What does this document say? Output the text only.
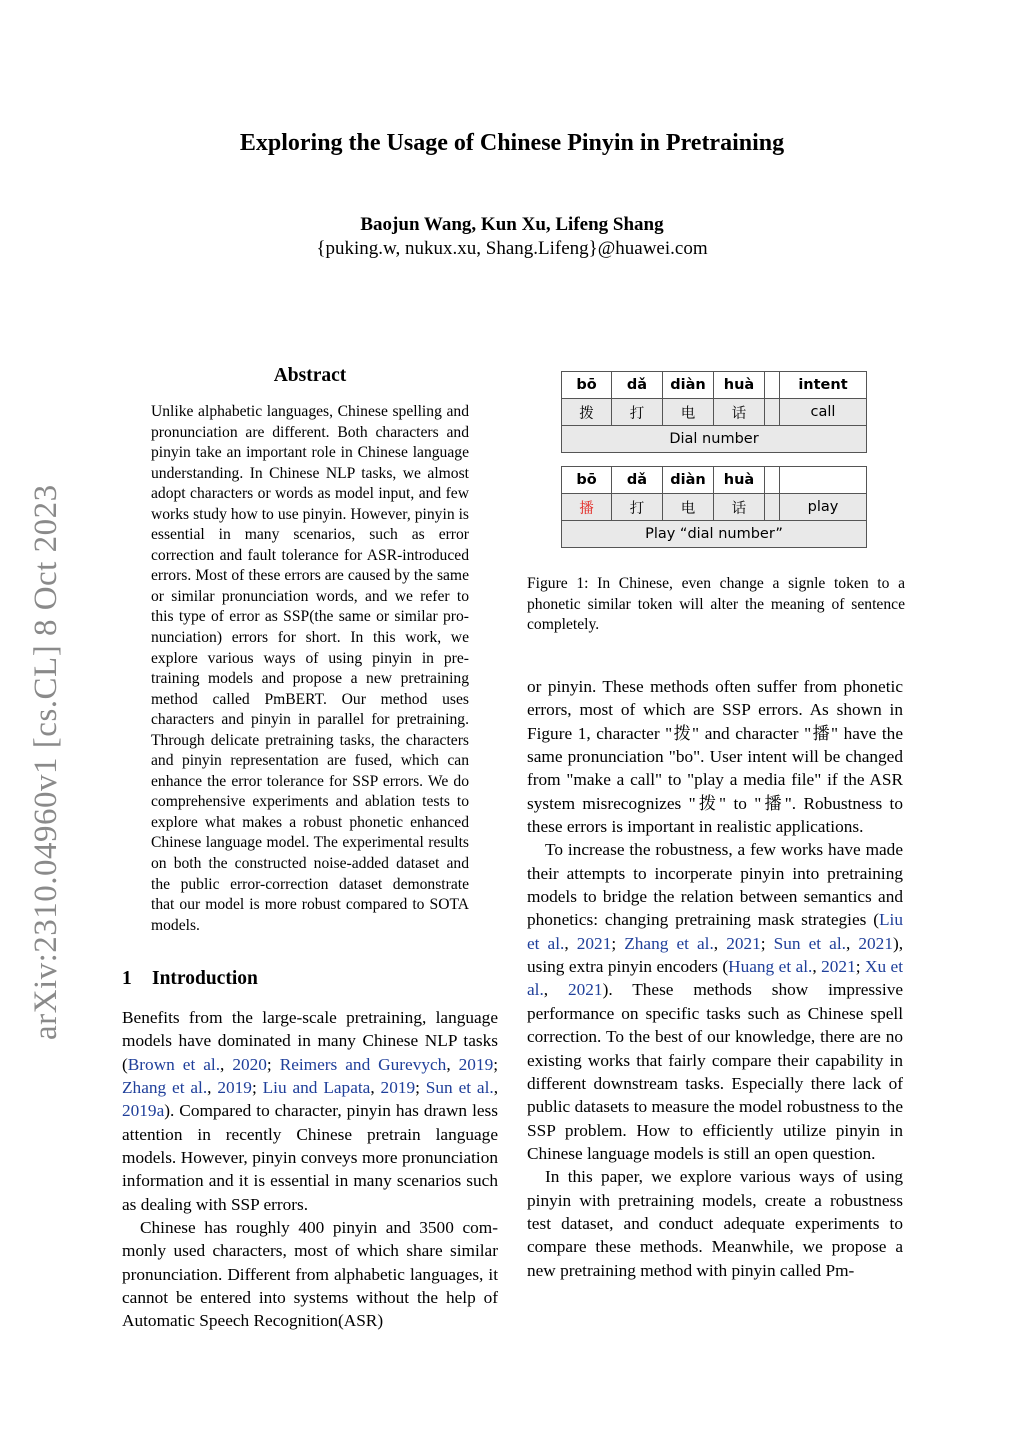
Exploring the Usage of Chinese Pinyin in Pretraining
Baojun Wang, Kun Xu, Lifeng Shang
{puking.w, nukux.xu, Shang.Lifeng}@huawei.com
arXiv:2310.04960v1 [cs.CL] 8 Oct 2023
Abstract
Unlike alphabetic languages, Chinese spelling and pronunciation are different. Both characters and pinyin take an important role in Chinese language understanding. In Chinese NLP tasks, we almost adopt characters or words as model input, and few works study how to use pinyin. However, pinyin is essential in many scenarios, such as error correction and fault tolerance for ASR-introduced errors. Most of these errors are caused by the same or similar pronunciation words, and we refer to this type of error as SSP(the same or similar pronunciation) errors for short. In this work, we explore various ways of using pinyin in pretraining models and propose a new pretraining method called PmBERT. Our method uses characters and pinyin in parallel for pretraining. Through delicate pretraining tasks, the characters and pinyin representation are fused, which can enhance the error tolerance for SSP errors. We do comprehensive experiments and ablation tests to explore what makes a robust phonetic enhanced Chinese language model. The experimental results on both the constructed noise-added dataset and the public error-correction dataset demonstrate that our model is more robust compared to SOTA models.
1 Introduction

Benefits from the large-scale pretraining, language models have dominated in many Chinese NLP tasks (Brown et al., 2020; Reimers and Gurevych, 2019; Zhang et al., 2019; Liu and Lapata, 2019; Sun et al., 2019a). Compared to character, pinyin has drawn less attention in recently Chinese pretrain language models. However, pinyin conveys more pronunciation information and it is essential in many scenarios such as dealing with SSP errors.

Chinese has roughly 400 pinyin and 3500 commonly used characters, most of which share similar pronunciation. Different from alphabetic languages, it cannot be entered into systems without the help of Automatic Speech Recognition(ASR)

bō	dǎ	diàn	huà		intent
拨	打	电	话		call
Dial number					
bō	dǎ	diàn	huà		
播	打	电	话		play
Play “dial number”					
Figure 1: In Chinese, even change a signle token to a phonetic similar token will alter the meaning of sentence completely.

or pinyin. These methods often suffer from phonetic errors, most of which are SSP errors. As shown in Figure 1, character "拨" and character "播" have the same pronunciation "bo". User intent will be changed from "make a call" to "play a media file" if the ASR system misrecognizes "拨" to "播". Robustness to these errors is important in realistic applications.

To increase the robustness, a few works have made their attempts to incorperate pinyin into pretraining models to bridge the relation between semantics and phonetics: changing pretraining mask strategies (Liu et al., 2021; Zhang et al., 2021; Sun et al., 2021), using extra pinyin encoders (Huang et al., 2021; Xu et al., 2021). These methods show impressive performance on specific tasks such as Chinese spell correction. To the best of our knowledge, there are no existing works that fairly compare their capability in different downstream tasks. Especially there lack of public datasets to measure the model robustness to the SSP problem. How to efficiently utilize pinyin in Chinese language models is still an open question.

In this paper, we explore various ways of using pinyin with pretraining models, create a robustness test dataset, and conduct adequate experiments to compare these methods. Meanwhile, we propose a new pretraining method with pinyin called Pm-
